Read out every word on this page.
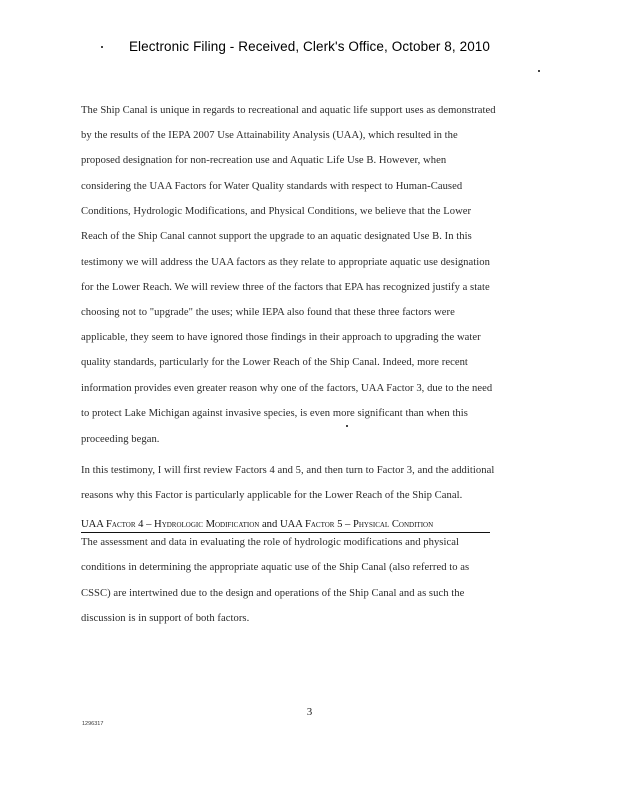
Electronic Filing - Received, Clerk's Office, October 8, 2010
The Ship Canal is unique in regards to recreational and aquatic life support uses as demonstrated
by the results of the IEPA 2007 Use Attainability Analysis (UAA), which resulted in the
proposed designation for non-recreation use and Aquatic Life Use B. However, when
considering the UAA Factors for Water Quality standards with respect to Human-Caused
Conditions, Hydrologic Modifications, and Physical Conditions, we believe that the Lower
Reach of the Ship Canal cannot support the upgrade to an aquatic designated Use B. In this
testimony we will address the UAA factors as they relate to appropriate aquatic use designation
for the Lower Reach. We will review three of the factors that EPA has recognized justify a state
choosing not to "upgrade" the uses; while IEPA also found that these three factors were
applicable, they seem to have ignored those findings in their approach to upgrading the water
quality standards, particularly for the Lower Reach of the Ship Canal. Indeed, more recent
information provides even greater reason why one of the factors, UAA Factor 3, due to the need
to protect Lake Michigan against invasive species, is even more significant than when this
proceeding began.
In this testimony, I will first review Factors 4 and 5, and then turn to Factor 3, and the additional
reasons why this Factor is particularly applicable for the Lower Reach of the Ship Canal.
UAA Factor 4 – Hydrologic Modification and UAA Factor 5 – Physical Condition
The assessment and data in evaluating the role of hydrologic modifications and physical
conditions in determining the appropriate aquatic use of the Ship Canal (also referred to as
CSSC) are intertwined due to the design and operations of the Ship Canal and as such the
discussion is in support of both factors.
3
1296317
